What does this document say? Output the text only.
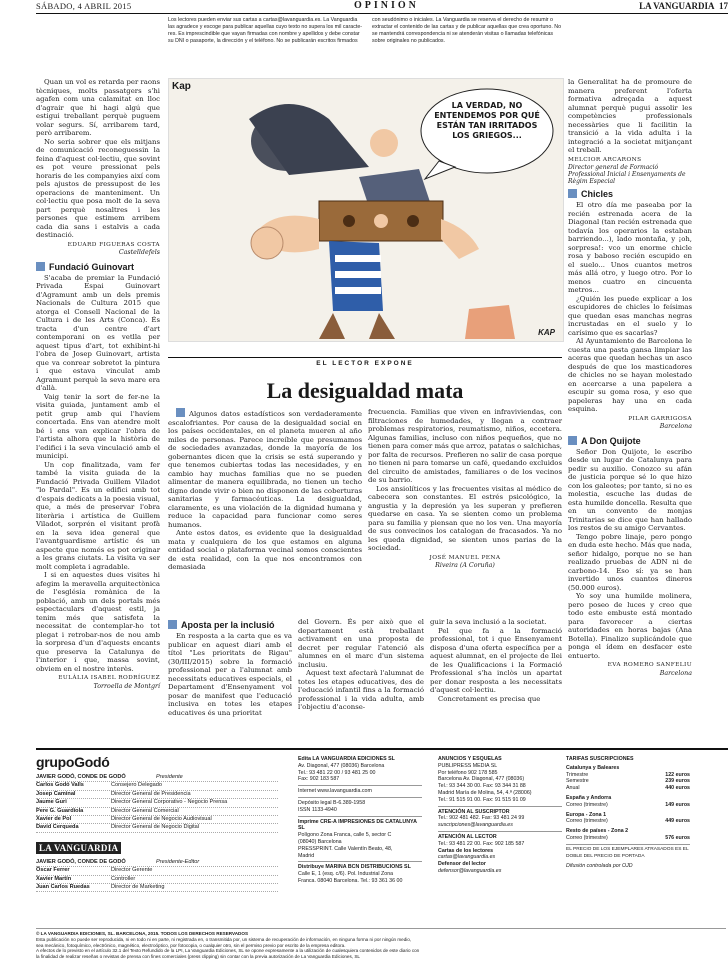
SÁBADO, 4 ABRIL 2015	OPINIÓN	LA VANGUARDIA 17
Los lectores pueden enviar sus cartas a cartas@lavanguardia.es. La Vanguardia
las agradece y escoge para publicar aquellas cuyo texto no supera los mil caracte-
res. Es imprescindible que vayan firmadas con nombre y apellidos y debe constar
su DNI o pasaporte, la dirección y el teléfono. No se publicarán escritos firmados
con seudónimo o iniciales. La Vanguardia se reserva el derecho de resumir o
extractar el contenido de las cartas y de publicar aquellas que crea oportuno. No
se mantendrá correspondencia ni se atenderán visitas o llamadas telefónicas
sobre originales no publicados.

Quan un vol es retarda per raons tècniques, molts passatgers s'hi agafen com una calamitat en lloc d'agrair que hi hagi algú que estigui treballant perquè puguem volar segurs. Sí, arribarem tard, però arribarem.

No seria sobrer que els mitjans de comunicació reconeguessin la feina d'aquest col·lectiu, que sovint es pot veure pressionat pels horaris de les companyies així com pels ajustos de pressupost de les operacions de manteniment. Un col·lectiu que posa molt de la seva part perquè nosaltres i les persones que estimem arribem cada dia sans i estalvis a cada destinació.

EDUARD FIGUERAS COSTA
Castelldefels
Fundació Guinovart

S'acaba de premiar la Fundació Privada Espai Guinovart d'Agramunt amb un dels premis Nacionals de Cultura 2015 que atorga el Consell Nacional de la Cultura i de les Arts (Conca). És tracta d'un centre d'art contemporani on es vetlla per aquest tipus d'art, tot exhibint-hi l'obra de Josep Guinovart, artista que va conrear sobretot la pintura i que estava vinculat amb Agramunt perquè la seva mare era d'allà.

Vaig tenir la sort de fer-ne la visita guiada, juntament amb el petit grup amb qui l'havíem concertada. Ens van atendre molt bé i ens van explicar l'obra de l'artista alhora que la història de l'edifici i la seva vinculació amb el municipi.

Un cop finalitzada, vam fer també la visita guiada de la Fundació Privada Guillem Viladot "lo Pardal". Es un edifici amb tot d'espais dedicats a la poesia visual, que, a més de preservar l'obra literària i artística de Guillem Viladot, sorprén el visitant profà en la seva idea general que l'avantguardisme artístic és un aspecte que només es pot originar a les grans ciutats. La visita va ser molt completa i agradable.

I si en aquestes dues visites hi afegim la meravella arquitectònica de l'església romànica de la població, amb un dels portals més espectaculars d'aquest estil, ja tenim més que satisfeta la necessitat de contemplar-ho tot plegat i retrobar-nos de nou amb la sorpresa d'un d'aquests encants que preserva la Catalunya de l'interior i que, massa sovint, obviem en el nostre interès.

EULÀLIA ISABEL RODRÍGUEZ
Torroella de Montgrí
Kap
LA VERDAD, NO ENTENDEMOS POR QUÉ ESTÁN TAN IRRITADOS LOS GRIEGOS...
KAP
EL LECTOR EXPONE
La desigualdad mata

Algunos datos estadísticos son verdaderamente escalofriantes. Por causa de la desigualdad social en los países occidentales, en el planeta mueren al año miles de personas. Parece increíble que presumamos de sociedades avanzadas, donde la mayoría de los gobernantes dicen que la crisis se está superando y que tenemos cubiertas todas las necesidades, y en cambio hay muchas familias que no se pueden alimentar de manera equilibrada, no tienen un techo digno donde vivir o bien no disponen de las coberturas sanitarias y farmacéuticas. La desigualdad, claramente, es una violación de la dignidad humana y reduce la capacidad para funcionar como seres humanos.

Ante estos datos, es evidente que la desigualdad mata y cualquiera de los que estamos en alguna entidad social o plataforma vecinal somos conscientes de esta realidad, con la que nos encontramos con demasiada

frecuencia. Familias que viven en infraviviendas, con filtraciones de humedades, y llegan a contraer problemas respiratorios, reumatismo, niños, eccetera. Algunas familias, incluso con niños pequeños, que no tienen para comer más que arroz, patatas o salchichas, por falta de recursos. Prefieren no salir de casa porque no tienen ni para tomarse un café, quedando excluidos del circuito de amistades, familiares o de los vecinos de su barrio.

Los ansiolíticos y las frecuentes visitas al médico de cabecera son constantes. El estrés psicológico, la angustia y la depresión ya les superan y prefieren quedarse en casa. Ya se sienten como un problema para su familia y piensan que no los ven. Una mayoría de sus convecinos los catalogan de fracasados. Ya no les queda dignidad, se sienten unos parias de la sociedad.

JOSÉ MANUEL PENA
Riveira (A Coruña)
Aposta per la inclusió

En resposta a la carta que es va publicar en aquest diari amb el títol "Les prioritats de Rigau" (30/III/2015) sobre la formació professional per a l'alumnat amb necessitats educatives especials, el Departament d'Ensenyament vol posar de manifest que l'educació inclusiva en totes les etapes educatives és una prioritat

del Govern. És per això que el departament està treballant activament en una proposta de decret per regular l'atenció als alumnes en el marc d'un sistema inclusiu.

Aquest text afectarà l'alumnat de totes les etapes educatives, des de l'educació infantil fins a la formació professional i la vida adulta, amb l'objectiu d'aconse-

guir la seva inclusió a la societat.

Pel que fa a la formació professional, tot i que Ensenyament disposa d'una oferta específica per a aquest alumnat, en el projecte de llei de les Qualificacions i la Formació Professional s'ha inclòs un apartat per donar resposta a les necessitats d'aquest col·lectiu.

Concretament es precisa que

la Generalitat ha de promoure de manera preferent l'oferta formativa adreçada a aquest alumnat perquè pugui assolir les competències professionals necessàries que li facilitin la transició a la vida adulta i la integració a la societat mitjançant el treball.

MELCIOR ARCARONS
Director general de Formació Professional Inicial i Ensenyaments de Règim Especial
Chicles

El otro día me paseaba por la recién estrenada acera de la Diagonal (tan recién estrenada que todavía los operarios la estaban barriendo...), lado montaña, y ¡oh, sorpresa!: vco un enorme chicle rosa y baboso recién escupido en el suelo... Unos cuantos metros más allá otro, y luego otro. Por lo menos cuatro en cincuenta metros...

¿Quién les puede explicar a los escupidores de chicles lo feísimas que quedan esas manchas negras incrustadas en el suelo y lo carísimo que es sacarlas?

Al Ayuntamiento de Barcelona le cuesta una pasta gansa limpiar las aceras que quedan hechas un asco después de que los masticadores de chicles no se hayan molestado en acercarse a una papelera a escupir su goma rosa, y eso que papeleras hay una en cada esquina.

PILAR GARRIGOSA
Barcelona
A Don Quijote

Señor Don Quijote, le escribo desde un lugar de Catalunya para pedir su auxilio. Conozco su afán de justicia porque sé lo que hizo con los galeotes; por tanto, si no es molestia, escuche las dudas de esta humilde doncella. Resulta que en un convento de monjas Trinitarias se dice que han hallado los restos de su amigo Cervantes.

Tengo pobre linaje, pero pongo en duda este hecho. Más que nada, señor hidalgo, porque no se han realizado pruebas de ADN ni de carbono-14. Eso sí: ya se han invertido unos cuantos dineros (50.000 euros).

Yo soy una humilde molinera, pero poseo de luces y creo que todo este embuste está montado para favorecer a ciertas autoridades en horas bajas (Ana Botella). Finalizo suplicándole que ponga el ídem en desfacer este entuerto.

EVA ROMERO SANFELIU
Barcelona
grupoGodó
JAVIER GODÓ, CONDE DE GODÓ	Presidente
Carlos Godó Valls	Consejero Delegado
Josep Caminal	Director General de Presidencia
Jaume Guri	Director General Corporativo - Negocio Prensa
Pere G. Guardiola	Director General Comercial
Xavier de Pol	Director General de Negocio Audiovisual
David Cerqueda	Director General de Negocio Digital
LA VANGUARDIA
JAVIER GODÓ, CONDE DE GODÓ	Presidente-Editor
Óscar Ferrer	Director Gerente
Xavier Martín	Controller
Juan Carlos Ruedas	Director de Marketing
Edita LA VANGUARDIA EDICIONES SL
Av. Diagonal, 477 (08036) Barcelona
Tel.: 93 481 22 00 / 93 481 25 00
Fax: 902 183 587
Internet www.lavanguardia.com
Depósito legal B-6.389-1958
ISSN 1133-4940
Imprime CRE-A IMPRESIONES DE CATALUNYA SL
Polígono Zona Franca, calle 5, sector C
(08040) Barcelona
PRESSPRINT. Calle Valentín Beato, 48,
Madrid
Distribuye MARINA BCN DISTRIBUCIONS SL
Calle E, 1 (esq. c/6). Pol. Industrial Zona
Franca. 08040 Barcelona. Tel.: 93 361 36 00
ANUNCIOS Y ESQUELAS
PUBLIPRESS MEDIA SL
Por teléfono 902 178 585
Barcelona Av. Diagonal, 477 (08036)
Tel.: 93 344 30 00. Fax: 93 344 31 88
Madrid María de Molina, 54, 4.ª (28006)
Tel.: 91 515 91 00. Fax: 91 515 91 09
ATENCIÓN AL SUSCRIPTOR
Tel.: 902 481 482. Fax: 93 481 24 99
suscripciones@lavanguardia.es
ATENCIÓN AL LECTOR
Tel.: 93 481 22 00. Fax: 902 185 587
Cartas de los lectores
cartas@lavanguardia.es
Defensor del lector
defensor@lavanguardia.es
TARIFAS SUSCRIPCIONES
Catalunya y Baleares
Trimestre	122 euros
Semestre	239 euros
Anual	440 euros
España y Andorra
Correo (trimestre)	149 euros
Europa - Zona 1
Correo (trimestre)	449 euros
Resto de países - Zona 2
Correo (trimestre)	576 euros
EL PRECIO DE LOS EJEMPLARES ATRASADOS ES EL DOBLE DEL PRECIO DE PORTADA
Difusión controlada por OJD
© LA VANGUARDIA EDICIONES, SL. BARCELONA, 2015. TODOS LOS DERECHOS RESERVADOS
Esta publicación no puede ser reproducida, ni en todo ni en parte, ni registrada en, o transmitida por, un sistema de recuperación de información, en ninguna forma ni por ningún medio,
sea mecánico, fotoquímico, electrónico, magnético, electroóptico, por fotocopia, o cualquier otro, sin el permiso previo por escrito de la empresa editora.
A efectos de lo previsto en el artículo 32.1 del Texto Refundido de la LPI, La Vanguardia Ediciones, SL se opone expresamente a la utilización de cualesquiera contenidos de este diario con
la finalidad de realizar reseñas o revistas de prensa con fines comerciales (press clipping) sin contar con la previa autorización de La Vanguardia Ediciones, SL
